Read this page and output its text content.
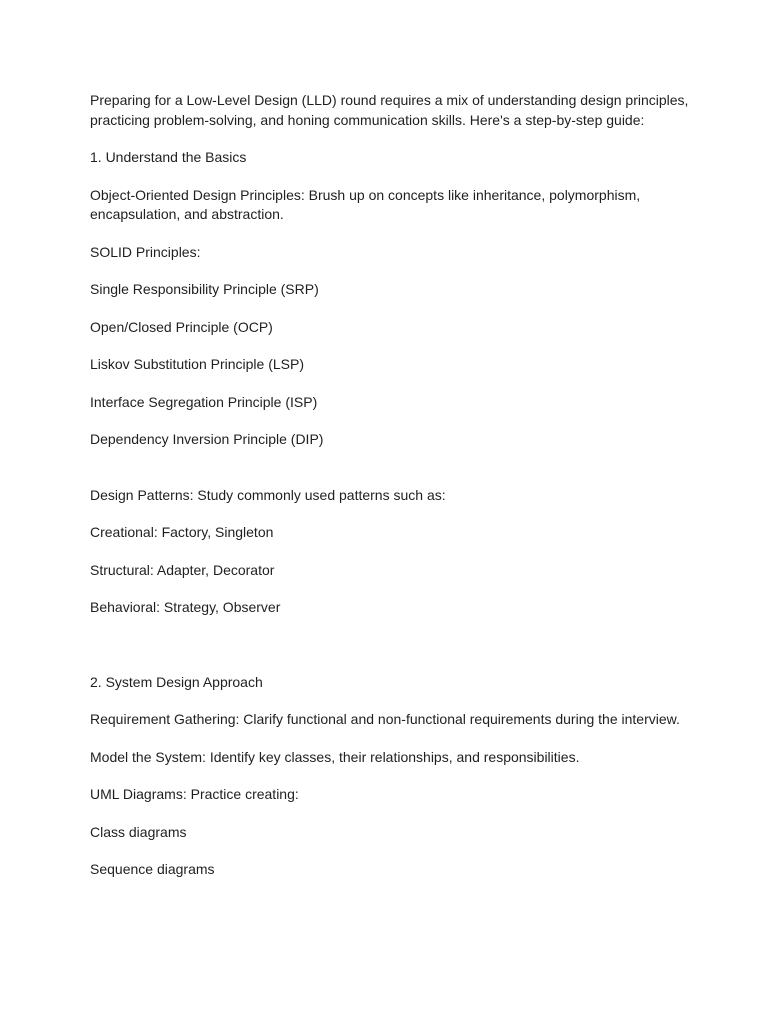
Preparing for a Low-Level Design (LLD) round requires a mix of understanding design principles, practicing problem-solving, and honing communication skills. Here's a step-by-step guide:

1. Understand the Basics

Object-Oriented Design Principles: Brush up on concepts like inheritance, polymorphism, encapsulation, and abstraction.

SOLID Principles:

Single Responsibility Principle (SRP)

Open/Closed Principle (OCP)

Liskov Substitution Principle (LSP)

Interface Segregation Principle (ISP)

Dependency Inversion Principle (DIP)

Design Patterns: Study commonly used patterns such as:

Creational: Factory, Singleton

Structural: Adapter, Decorator

Behavioral: Strategy, Observer

2. System Design Approach

Requirement Gathering: Clarify functional and non-functional requirements during the interview.

Model the System: Identify key classes, their relationships, and responsibilities.

UML Diagrams: Practice creating:

Class diagrams

Sequence diagrams
